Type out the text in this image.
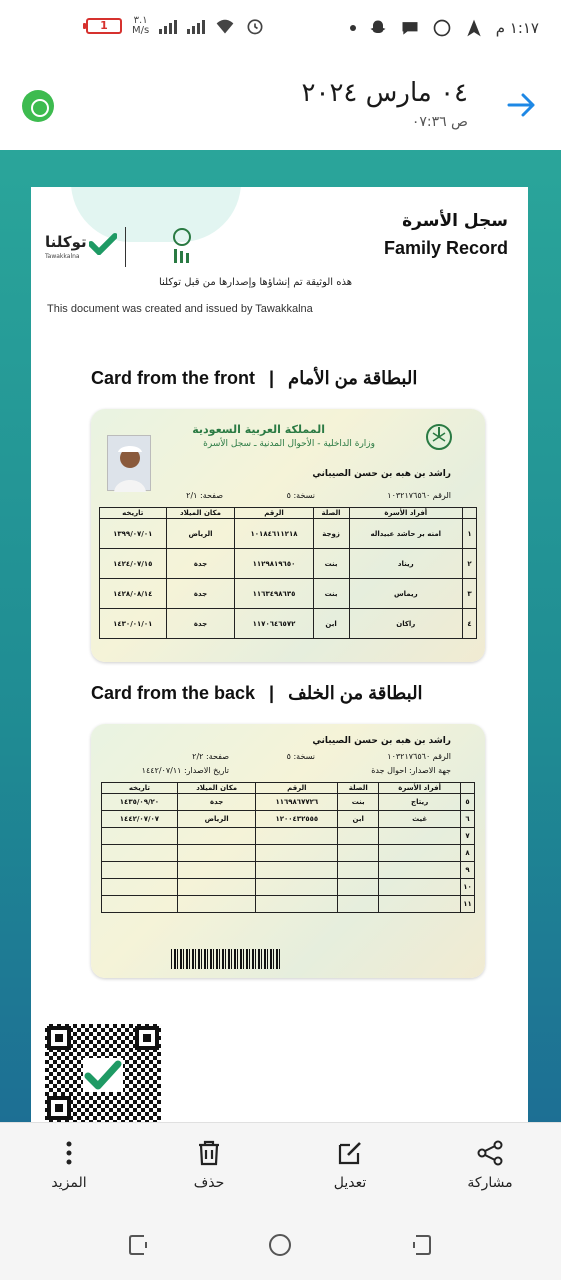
1	٣.١
M/s	١:١٧ م
٠٤ مارس ٢٠٢٤
ص ٠٧:٣٦
توكلنا
Tawakkalna
سجل الأسرة
Family Record
هذه الوثيقة تم إنشاؤها وإصدارها من قبل توكلنا
This document was created and issued by Tawakkalna
Card from the front | البطاقة من الأمام
المملكة العربية السعودية
وزارة الداخلية - الأحوال المدنية ـ سجل الأسرة
راشد بن هبه بن حسن الصيباني
الرقم ١٠٣٢١٧٦٥٦٠
نسخة: ٥
صفحة: ٢/١
	أفراد الأسرة	الصلة	الرقم	مكان الميلاد	تاريخه
١	امنه بر حاشد عبيداله	زوجة	١٠١٨٤٦١١٢١٨	الرياض	١٣٩٩/٠٧/٠١
٢	ريناد	بنت	١١٢٩٨١٩٦٥٠	جدة	١٤٢٤/٠٧/١٥
٣	ريماس	بنت	١١٦٣٤٩٨٦٣٥	جدة	١٤٢٨/٠٨/١٤
٤	راكان	ابن	١١٧٠٦٤٦٥٧٢	جدة	١٤٣٠/٠١/٠١
Card from the back | البطاقة من الخلف
راشد بن هبه بن حسن الصيباني
الرقم ١٠٣٢١٧٦٥٦٠
نسخة: ٥
صفحة: ٢/٢
جهة الاصدار: احوال جدة
تاريخ الاصدار: ١٤٤٢/٠٧/١١
	أفراد الأسرة	الصلة	الرقم	مكان الميلاد	تاريخه
٥	ريتاج	بنت	١١٦٩٨٦٧٧٢٦	جدة	١٤٣٥/٠٩/٢٠
٦	غيث	ابن	١٢٠٠٤٣٢٥٥٥	الرياض	١٤٤٢/٠٧/٠٧
٧					
٨					
٩					
١٠					
١١					
مشاركة
تعديل
حذف
المزيد
